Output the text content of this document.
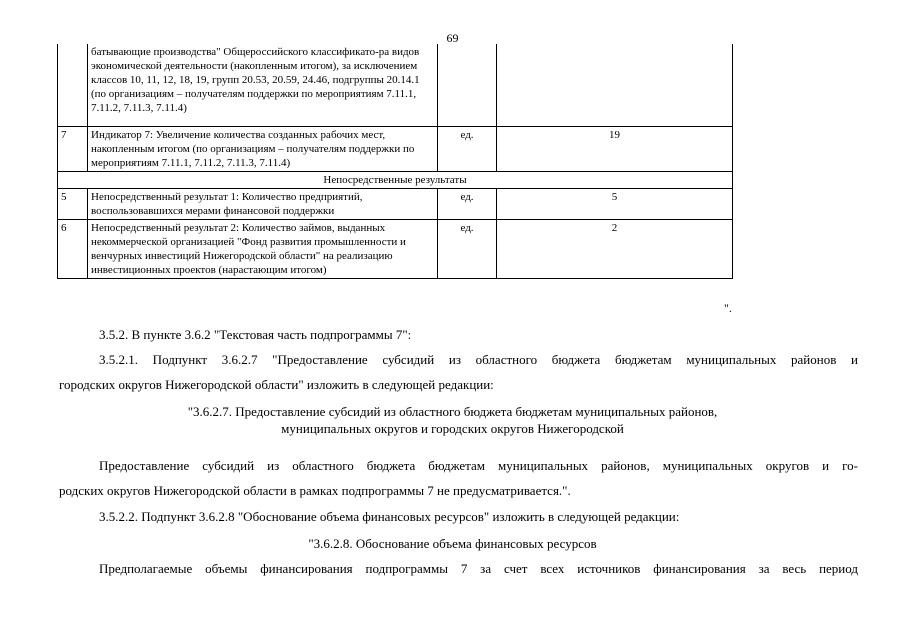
69
	батывающие производства" Общероссийского классификато-ра видов экономической деятельности (накопленным итогом), за исключением классов 10, 11, 12, 18, 19, групп 20.53, 20.59, 24.46, подгруппы 20.14.1 (по организациям – получателям поддержки по мероприятиям 7.11.1, 7.11.2, 7.11.3, 7.11.4)		
7	Индикатор 7: Увеличение количества созданных рабочих мест, накопленным итогом (по организациям – получателям поддержки по мероприятиям 7.11.1, 7.11.2, 7.11.3, 7.11.4)	ед.	19
Непосредственные результаты			
5	Непосредственный результат 1: Количество предприятий, воспользовавшихся мерами финансовой поддержки	ед.	5
6	Непосредственный результат 2: Количество займов, выданных некоммерческой организацией "Фонд развития промышленности и венчурных инвестиций Нижегородской области" на реализацию инвестиционных проектов (нарастающим итогом)	ед.	2
".
3.5.2. В пункте 3.6.2 "Текстовая часть подпрограммы 7":
3.5.2.1. Подпункт 3.6.2.7 "Предоставление субсидий из областного бюджета бюджетам муниципальных районов и
городских округов Нижегородской области" изложить в следующей редакции:
"3.6.2.7. Предоставление субсидий из областного бюджета бюджетам муниципальных районов,
муниципальных округов и городских округов Нижегородской
Предоставление субсидий из областного бюджета бюджетам муниципальных районов, муниципальных округов и го-
родских округов Нижегородской области в рамках подпрограммы 7 не предусматривается.".
3.5.2.2. Подпункт 3.6.2.8 "Обоснование объема финансовых ресурсов" изложить в следующей редакции:
"3.6.2.8. Обоснование объема финансовых ресурсов
Предполагаемые объемы финансирования подпрограммы 7 за счет всех источников финансирования за весь период
